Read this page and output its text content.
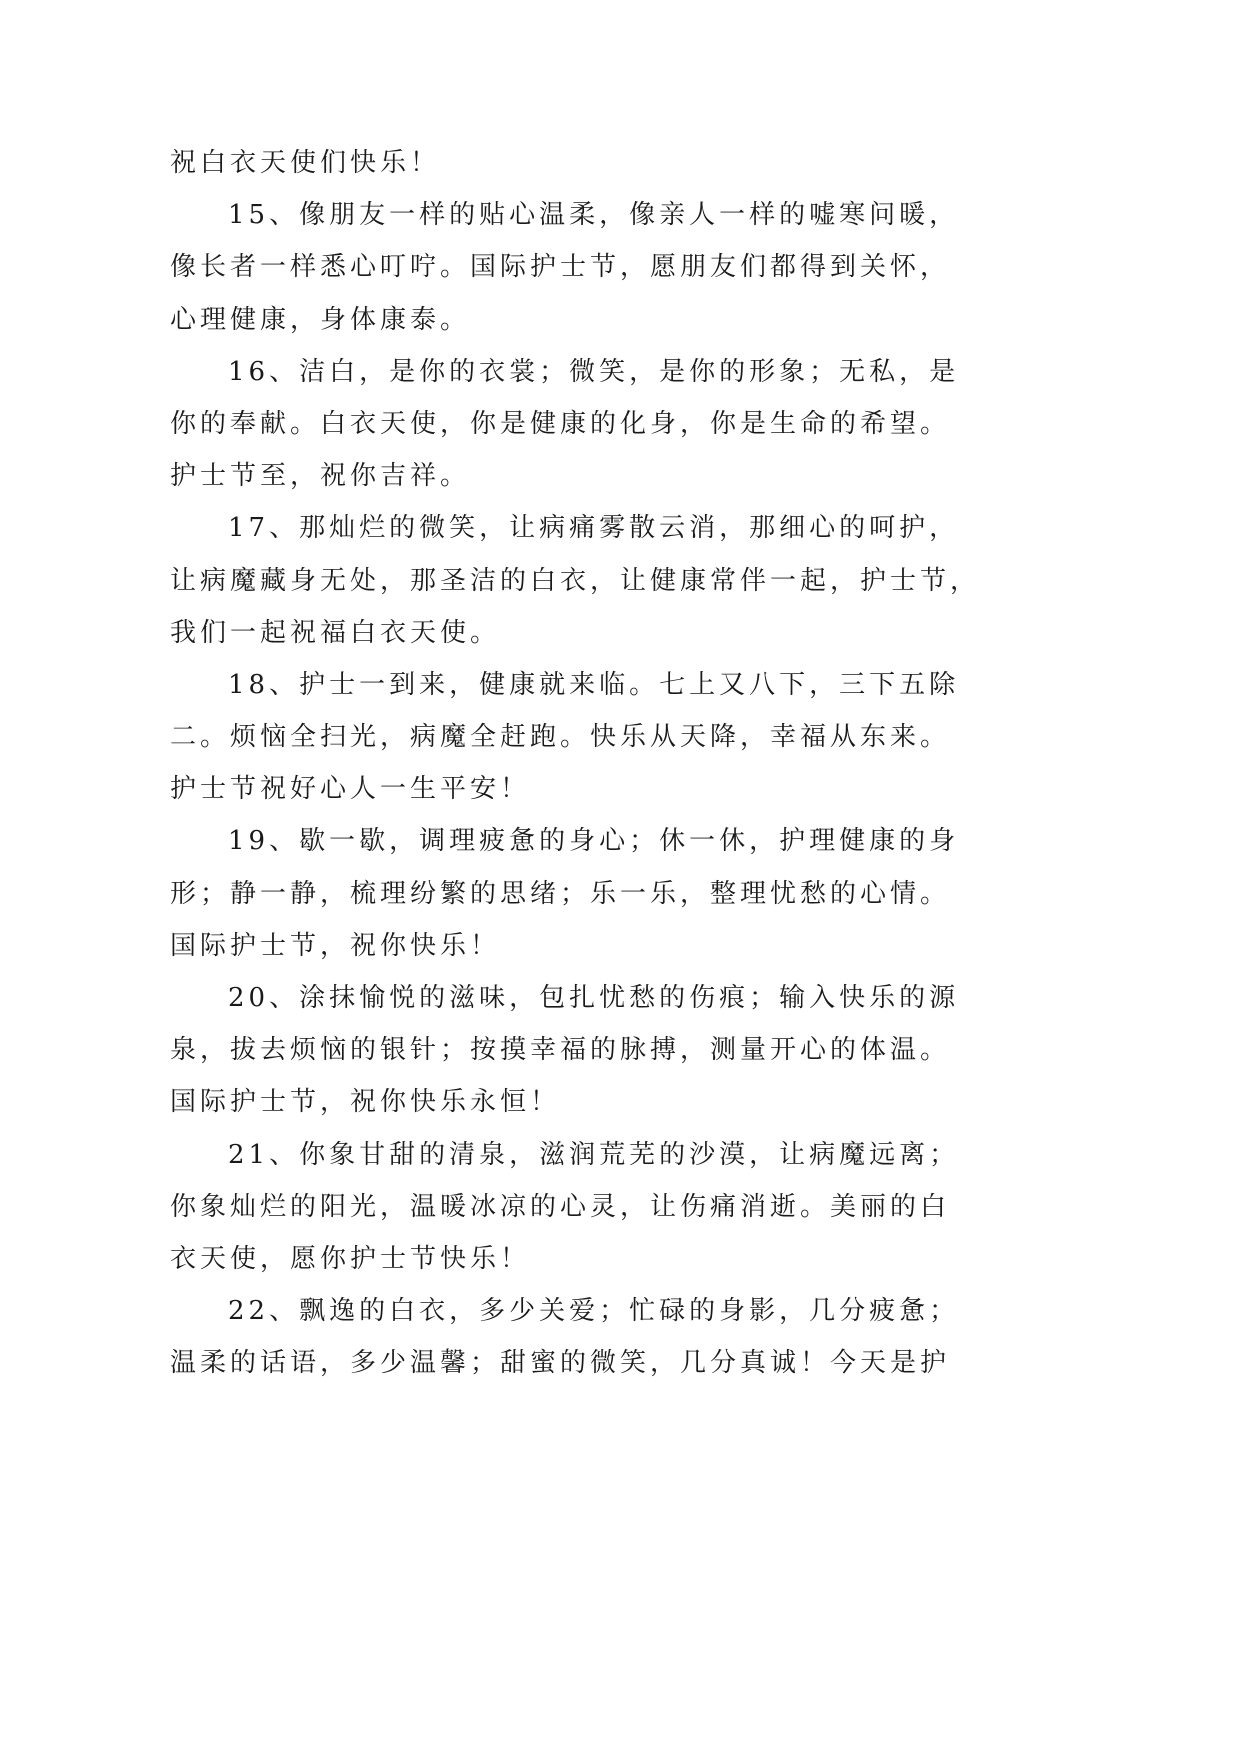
祝白衣天使们快乐！
15、像朋友一样的贴心温柔，像亲人一样的嘘寒问暖，
像长者一样悉心叮咛。国际护士节，愿朋友们都得到关怀，
心理健康，身体康泰。
16、洁白，是你的衣裳；微笑，是你的形象；无私，是
你的奉献。白衣天使，你是健康的化身，你是生命的希望。
护士节至，祝你吉祥。
17、那灿烂的微笑，让病痛雾散云消，那细心的呵护，
让病魔藏身无处，那圣洁的白衣，让健康常伴一起，护士节，
我们一起祝福白衣天使。
18、护士一到来，健康就来临。七上又八下，三下五除
二。烦恼全扫光，病魔全赶跑。快乐从天降，幸福从东来。
护士节祝好心人一生平安！
19、歇一歇，调理疲惫的身心；休一休，护理健康的身
形；静一静，梳理纷繁的思绪；乐一乐，整理忧愁的心情。
国际护士节，祝你快乐！
20、涂抹愉悦的滋味，包扎忧愁的伤痕；输入快乐的源
泉，拔去烦恼的银针；按摸幸福的脉搏，测量开心的体温。
国际护士节，祝你快乐永恒！
21、你象甘甜的清泉，滋润荒芜的沙漠，让病魔远离；
你象灿烂的阳光，温暖冰凉的心灵，让伤痛消逝。美丽的白
衣天使，愿你护士节快乐！
22、飘逸的白衣，多少关爱；忙碌的身影，几分疲惫；
温柔的话语，多少温馨；甜蜜的微笑，几分真诚！今天是护
